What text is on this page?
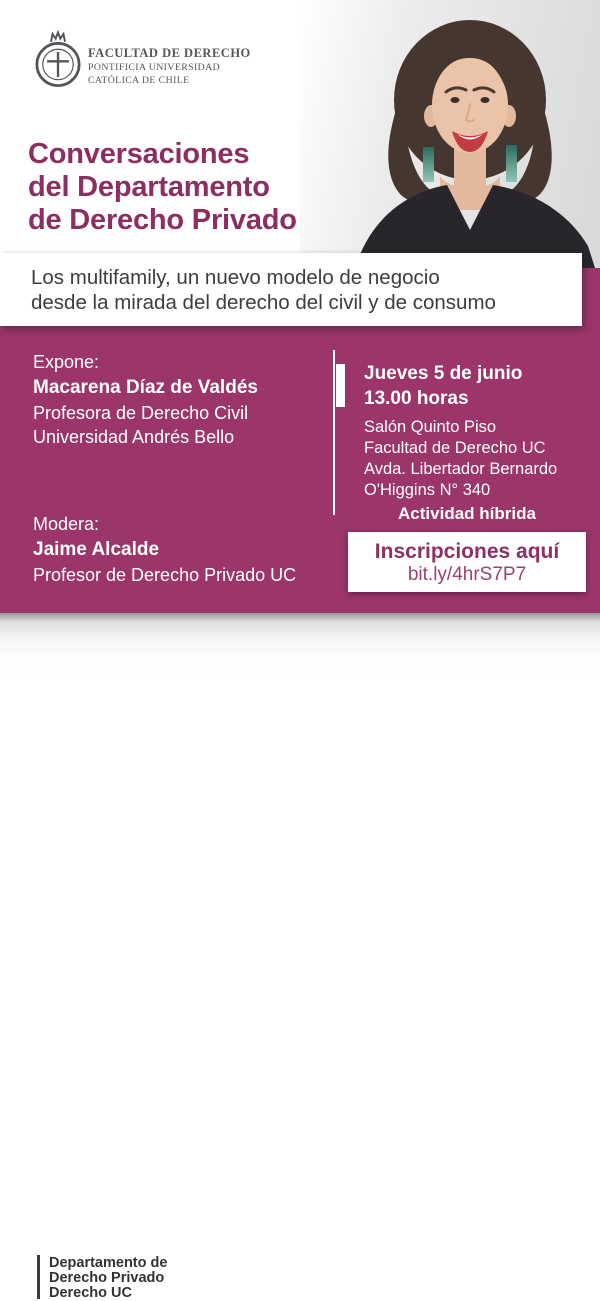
FACULTAD DE DERECHO
PONTIFICIA UNIVERSIDAD
CATÓLICA DE CHILE
Conversaciones
del Departamento
de Derecho Privado
Los multifamily, un nuevo modelo de negocio
desde la mirada del derecho del civil y de consumo
Expone:
Macarena Díaz de Valdés
Profesora de Derecho Civil
Universidad Andrés Bello
Modera:
Jaime Alcalde
Profesor de Derecho Privado UC
Jueves 5 de junio
13.00 horas
Salón Quinto Piso
Facultad de Derecho UC
Avda. Libertador Bernardo
O'Higgins N° 340
Actividad híbrida
Inscripciones aquí
bit.ly/4hrS7P7
Departamento de
Derecho Privado
Derecho UC
